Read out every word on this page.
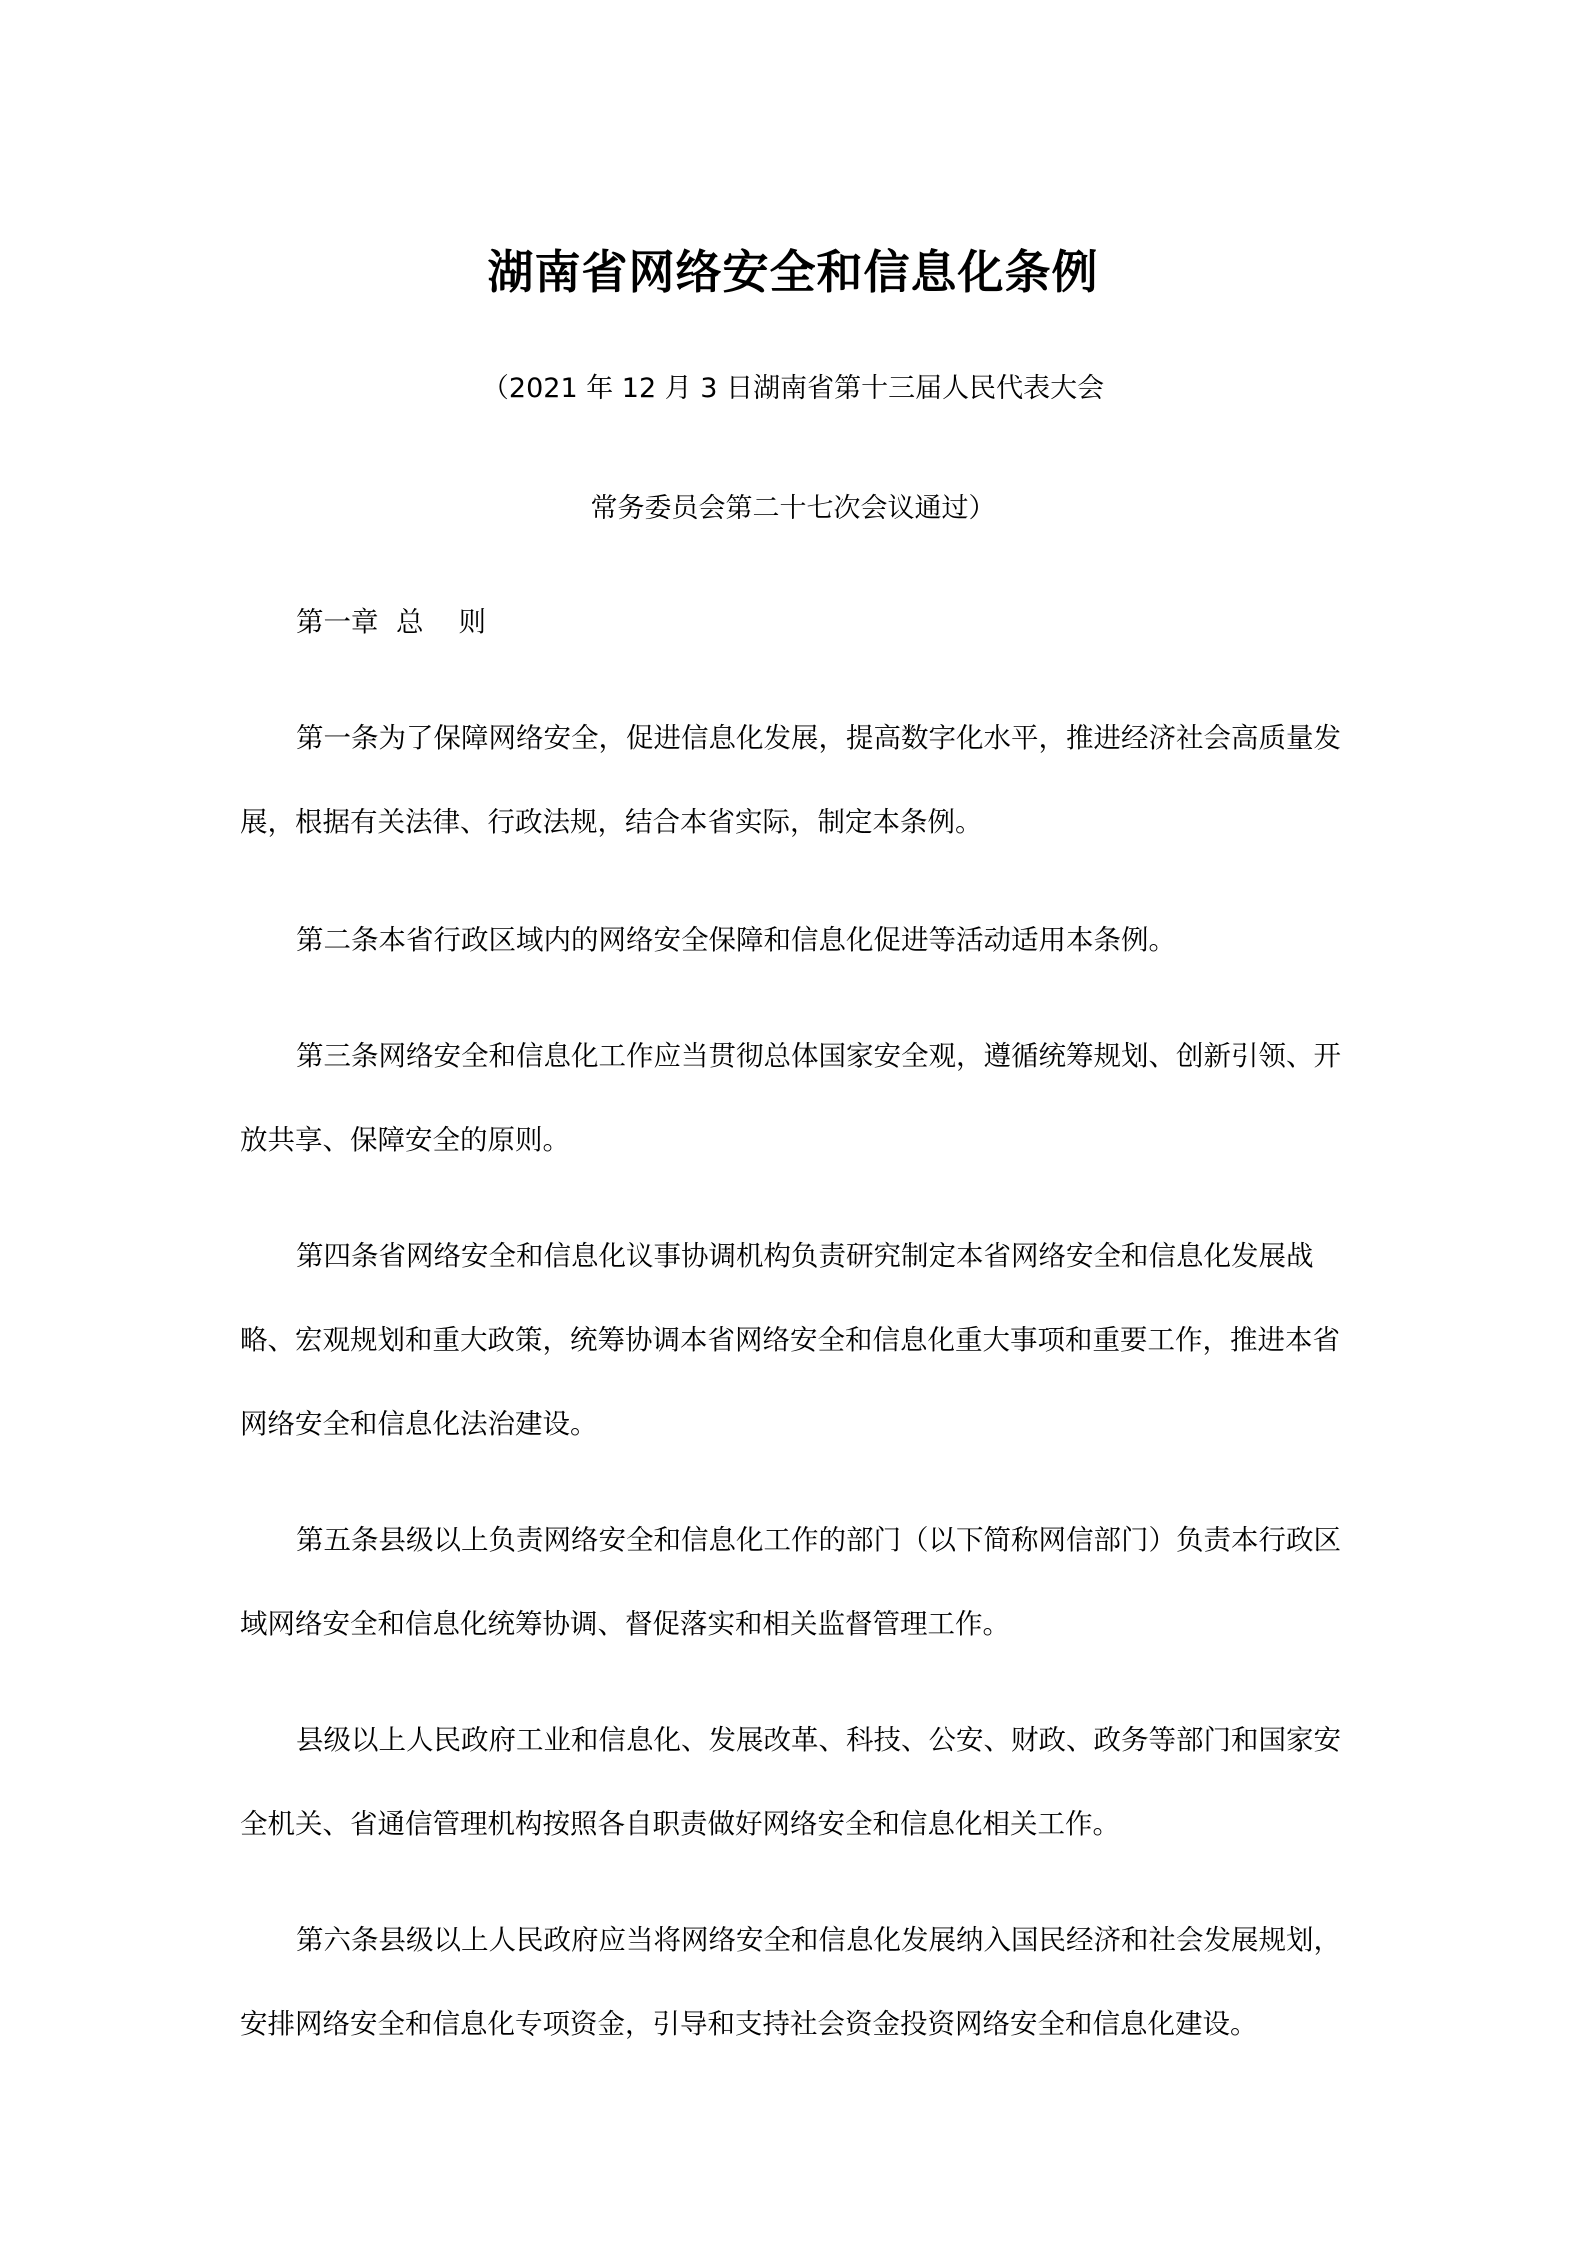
湖南省网络安全和信息化条例
（2021 年 12 月 3 日湖南省第十三届人民代表大会
常务委员会第二十七次会议通过）
第一章  总    则
第一条为了保障网络安全，促进信息化发展，提高数字化水平，推进经济社会高质量发
展，根据有关法律、行政法规，结合本省实际，制定本条例。
第二条本省行政区域内的网络安全保障和信息化促进等活动适用本条例。
第三条网络安全和信息化工作应当贯彻总体国家安全观，遵循统筹规划、创新引领、开
放共享、保障安全的原则。
第四条省网络安全和信息化议事协调机构负责研究制定本省网络安全和信息化发展战
略、宏观规划和重大政策，统筹协调本省网络安全和信息化重大事项和重要工作，推进本省
网络安全和信息化法治建设。
第五条县级以上负责网络安全和信息化工作的部门（以下简称网信部门）负责本行政区
域网络安全和信息化统筹协调、督促落实和相关监督管理工作。
县级以上人民政府工业和信息化、发展改革、科技、公安、财政、政务等部门和国家安
全机关、省通信管理机构按照各自职责做好网络安全和信息化相关工作。
第六条县级以上人民政府应当将网络安全和信息化发展纳入国民经济和社会发展规划，
安排网络安全和信息化专项资金，引导和支持社会资金投资网络安全和信息化建设。
